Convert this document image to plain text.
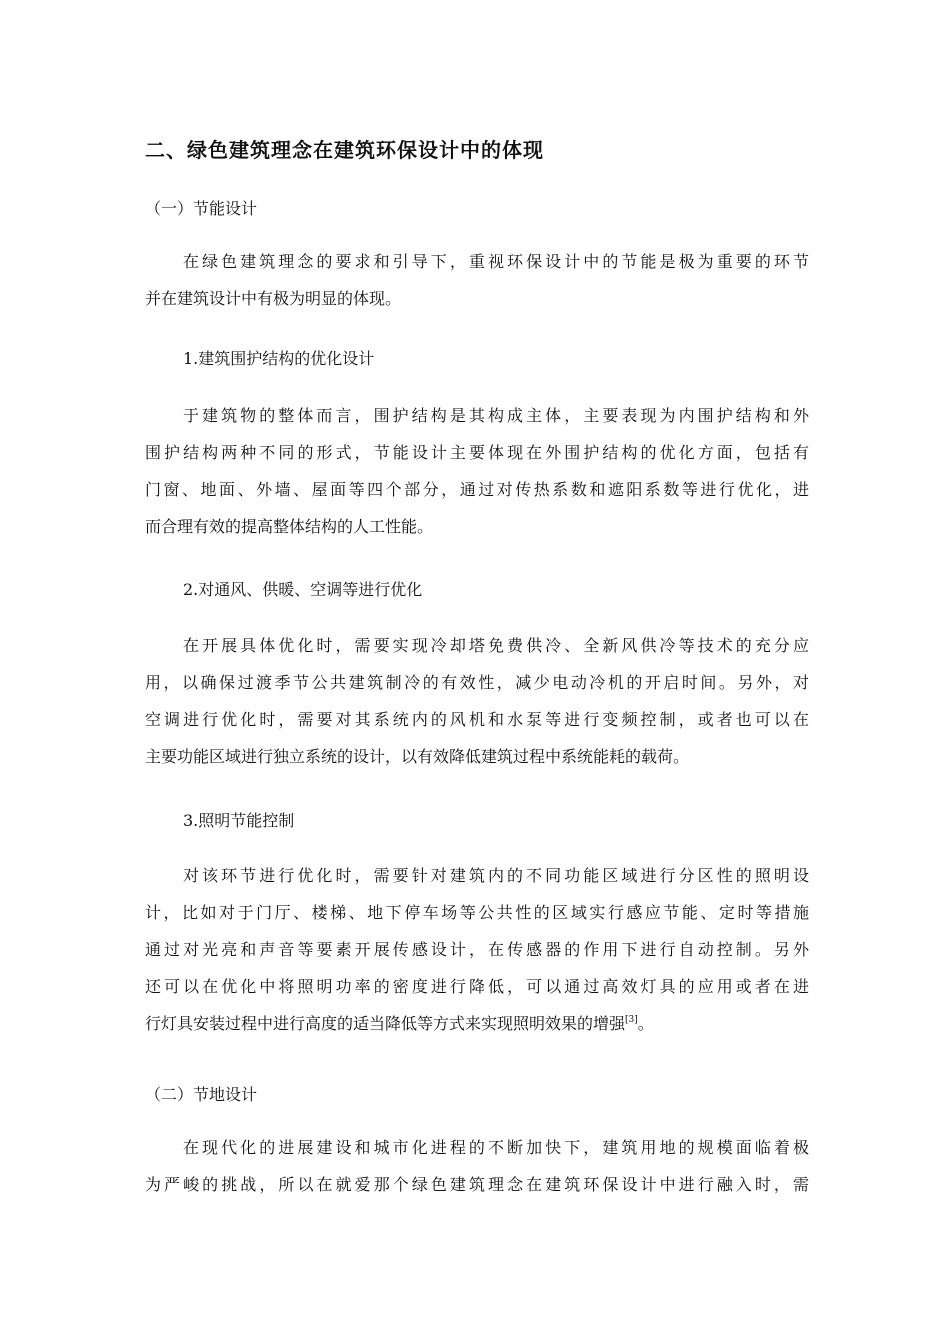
二、绿色建筑理念在建筑环保设计中的体现
（一）节能设计
在绿色建筑理念的要求和引导下，重视环保设计中的节能是极为重要的环节
并在建筑设计中有极为明显的体现。
1.建筑围护结构的优化设计
于建筑物的整体而言，围护结构是其构成主体，主要表现为内围护结构和外
围护结构两种不同的形式，节能设计主要体现在外围护结构的优化方面，包括有
门窗、地面、外墙、屋面等四个部分，通过对传热系数和遮阳系数等进行优化，进
而合理有效的提高整体结构的人工性能。
2.对通风、供暖、空调等进行优化
在开展具体优化时，需要实现冷却塔免费供冷、全新风供冷等技术的充分应
用，以确保过渡季节公共建筑制冷的有效性，减少电动冷机的开启时间。另外，对
空调进行优化时，需要对其系统内的风机和水泵等进行变频控制，或者也可以在
主要功能区域进行独立系统的设计，以有效降低建筑过程中系统能耗的载荷。
3.照明节能控制
对该环节进行优化时，需要针对建筑内的不同功能区域进行分区性的照明设
计，比如对于门厅、楼梯、地下停车场等公共性的区域实行感应节能、定时等措施
通过对光亮和声音等要素开展传感设计，在传感器的作用下进行自动控制。另外
还可以在优化中将照明功率的密度进行降低，可以通过高效灯具的应用或者在进
行灯具安装过程中进行高度的适当降低等方式来实现照明效果的增强[3]。
（二）节地设计
在现代化的进展建设和城市化进程的不断加快下，建筑用地的规模面临着极
为严峻的挑战，所以在就爱那个绿色建筑理念在建筑环保设计中进行融入时，需
